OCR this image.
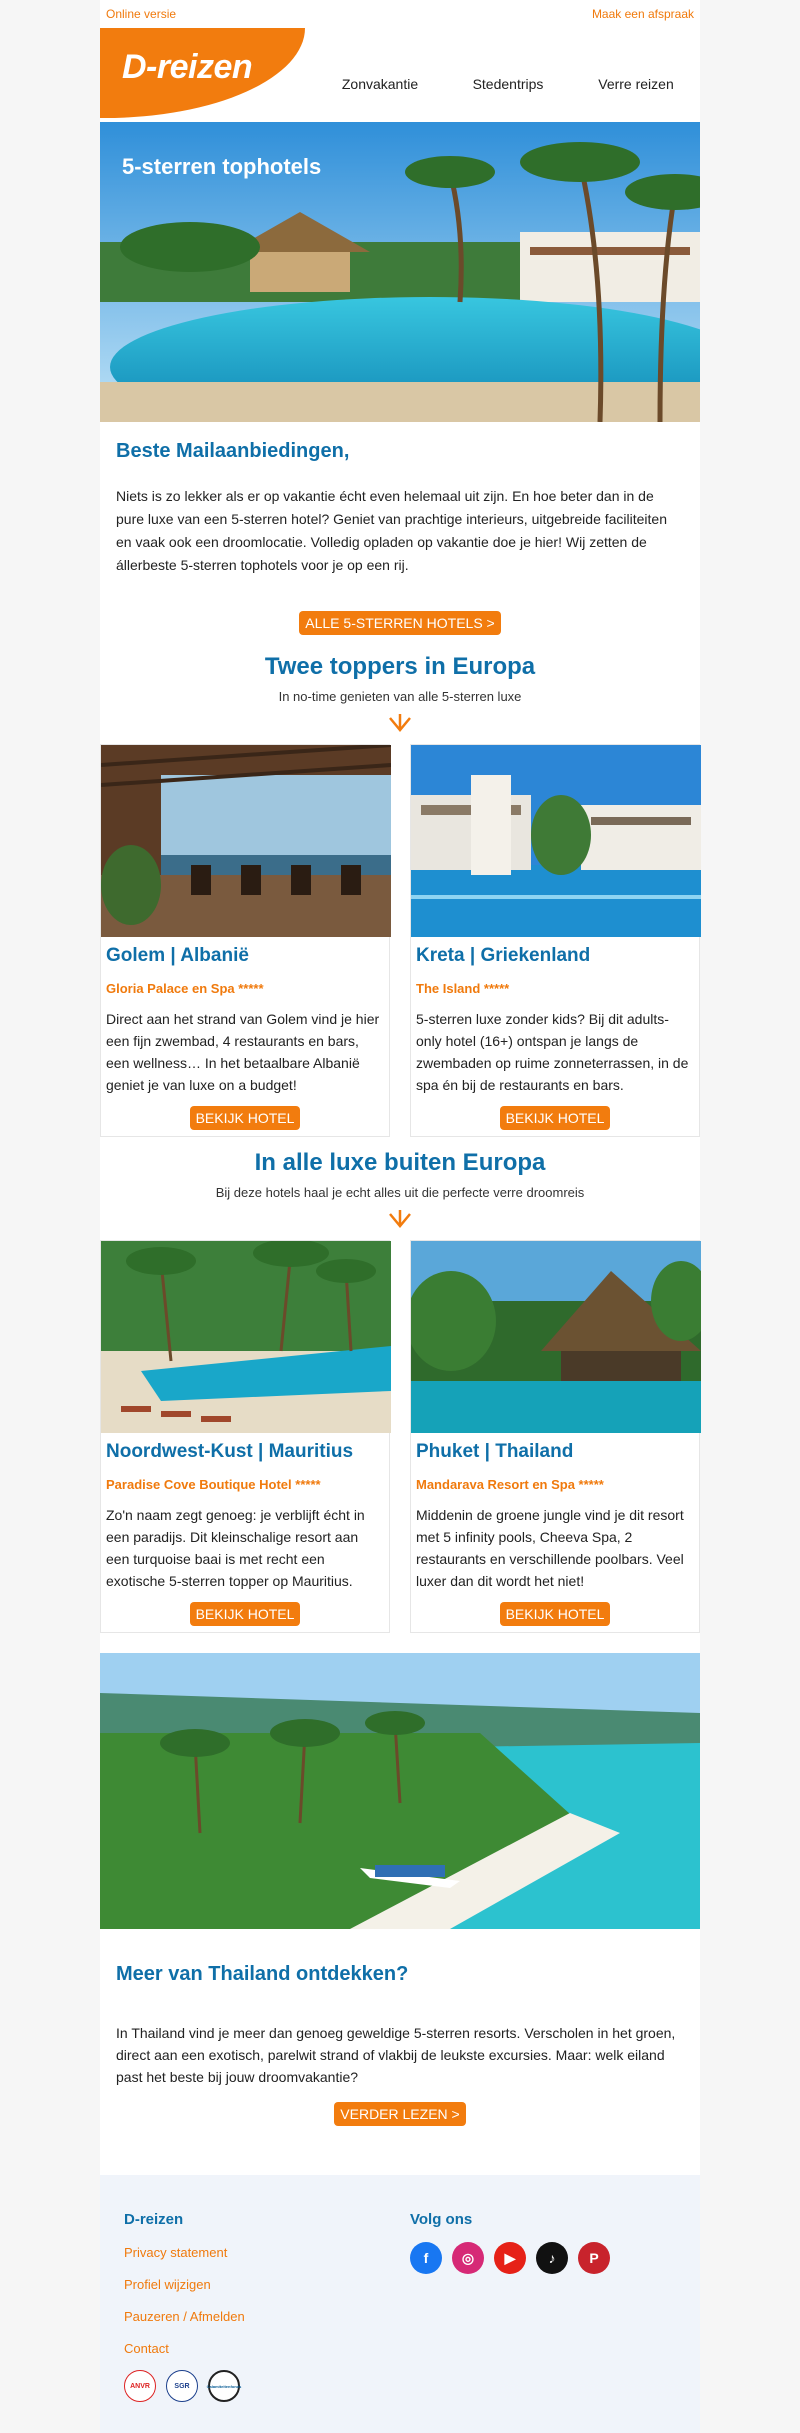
Online versie	Maak een afspraak
D-reizen	Zonvakantie	Stedentrips	Verre reizen
5-sterren tophotels
Beste Mailaanbiedingen,

Niets is zo lekker als er op vakantie écht even helemaal uit zijn. En hoe beter dan in de pure luxe van een 5-sterren hotel? Geniet van prachtige interieurs, uitgebreide faciliteiten en vaak ook een droomlocatie. Volledig opladen op vakantie doe je hier! Wij zetten de állerbeste 5-sterren tophotels voor je op een rij.

ALLE 5-STERREN HOTELS >
Twee toppers in Europa
In no-time genieten van alle 5-sterren luxe
Golem | Albanië
Gloria Palace en Spa *****

Direct aan het strand van Golem vind je hier een fijn zwembad, 4 restaurants en bars, een wellness… In het betaalbare Albanië geniet je van luxe on a budget!

BEKIJK HOTEL
Kreta | Griekenland
The Island *****

5-sterren luxe zonder kids? Bij dit adults-only hotel (16+) ontspan je langs de zwembaden op ruime zonneterrassen, in de spa én bij de restaurants en bars.

BEKIJK HOTEL
In alle luxe buiten Europa
Bij deze hotels haal je echt alles uit die perfecte verre droomreis
Noordwest-Kust | Mauritius
Paradise Cove Boutique Hotel *****

Zo'n naam zegt genoeg: je verblijft écht in een paradijs. Dit kleinschalige resort aan een turquoise baai is met recht een exotische 5-sterren topper op Mauritius.

BEKIJK HOTEL
Phuket | Thailand
Mandarava Resort en Spa *****

Middenin de groene jungle vind je dit resort met 5 infinity pools, Cheeva Spa, 2 restaurants en verschillende poolbars. Veel luxer dan dit wordt het niet!

BEKIJK HOTEL
Meer van Thailand ontdekken?

In Thailand vind je meer dan genoeg geweldige 5-sterren resorts. Verscholen in het groen, direct aan een exotisch, parelwit strand of vlakbij de leukste excursies. Maar: welk eiland past het beste bij jouw droomvakantie?

VERDER LEZEN >
D-reizen
Privacy statement
Profiel wijzigen
Pauzeren / Afmelden
Contact
ANVR	SGR	Calamiteitenfonds
Volg ons
f	◎	▶	♪	P
